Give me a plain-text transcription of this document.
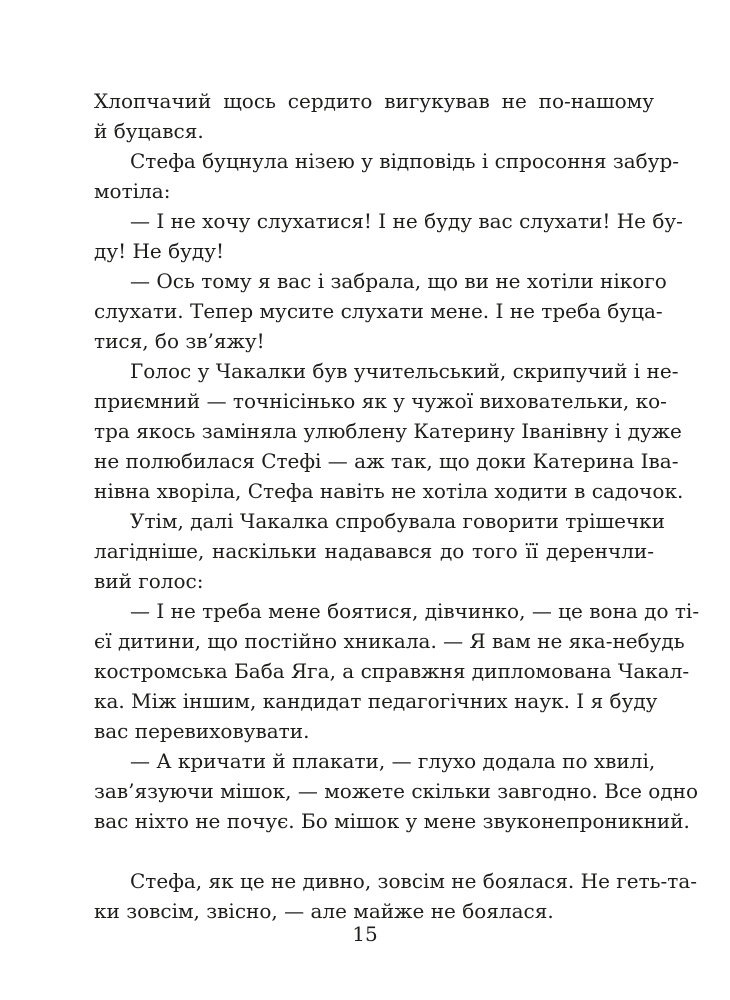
Хлопчачий щось сердито вигукував не по-нашому
й буцався.
Стефа буцнула нізею у відповідь і спросоння забур-
мотіла:
— І не хочу слухатися! І не буду вас слухати! Не бу-
ду! Не буду!
— Ось тому я вас і забрала, що ви не хотіли нікого
слухати. Тепер мусите слухати мене. І не треба буца-
тися, бо зв’яжу!
Голос у Чакалки був учительський, скрипучий і не-
приємний — точнісінько як у чужої виховательки, ко-
тра якось заміняла улюблену Катерину Іванівну і дуже
не полюбилася Стефі — аж так, що доки Катерина Іва-
нівна хворіла, Стефа навіть не хотіла ходити в садочок.
Утім, далі Чакалка спробувала говорити трішечки
лагідніше, наскільки надавався до того її деренчли-
вий голос:
— І не треба мене боятися, дівчинко, — це вона до ті-
єї дитини, що постійно хникала. — Я вам не яка-небудь
костромська Баба Яга, а справжня дипломована Чакал-
ка. Між іншим, кандидат педагогічних наук. І я буду
вас перевиховувати.
— А кричати й плакати, — глухо додала по хвилі,
зав’язуючи мішок, — можете скільки завгодно. Все одно
вас ніхто не почує. Бо мішок у мене звуконепроникний.
Стефа, як це не дивно, зовсім не боялася. Не геть-та-
ки зовсім, звісно, — але майже не боялася.
15
